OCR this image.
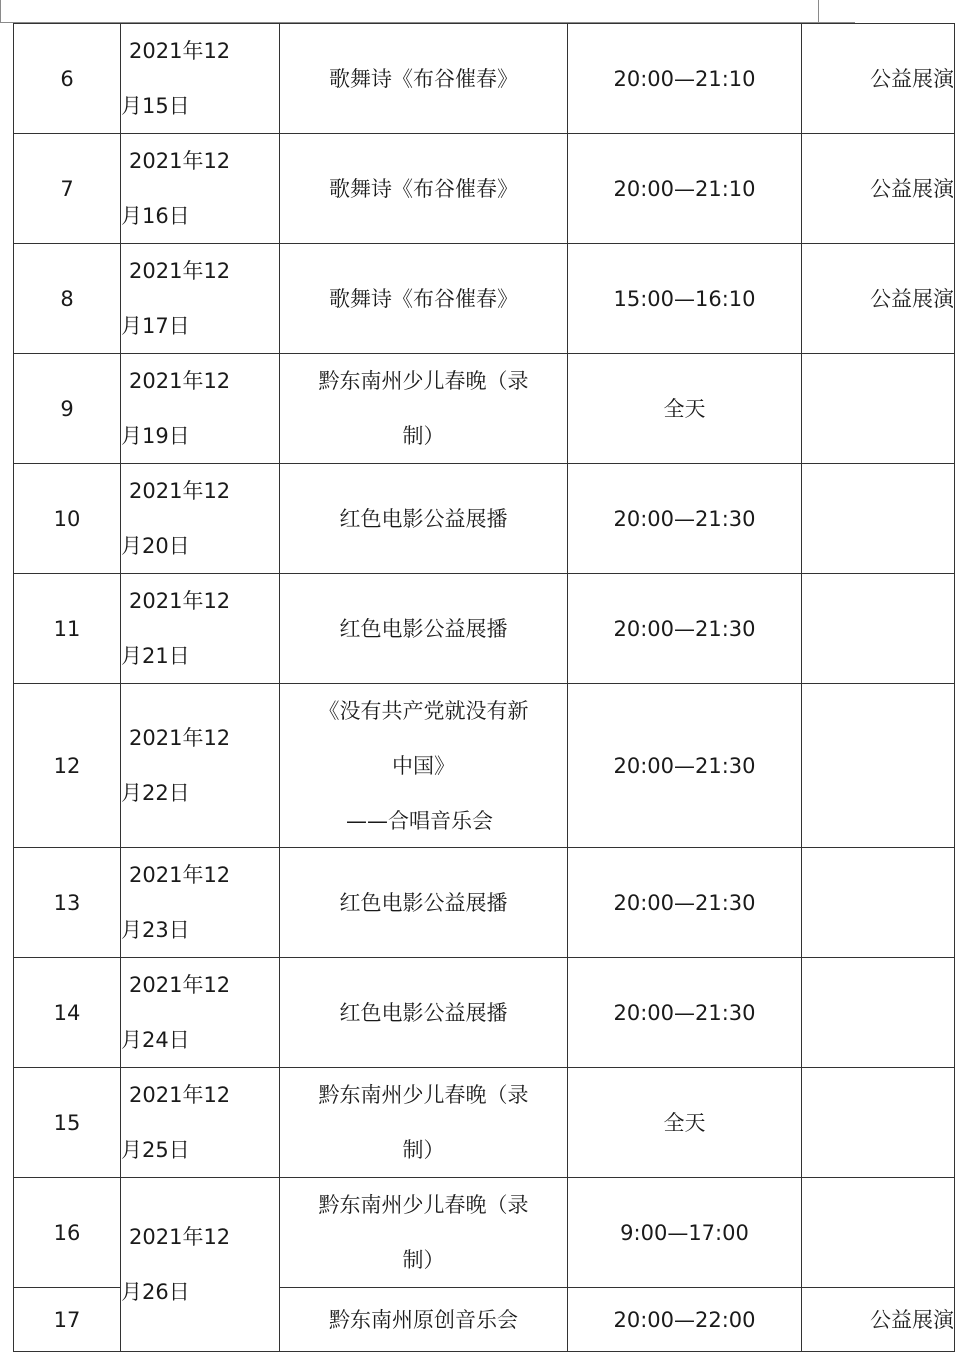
6	2021年12
月15日	歌舞诗《布谷催春》	20:00—21:10	公益展演
7	2021年12
月16日	歌舞诗《布谷催春》	20:00—21:10	公益展演
8	2021年12
月17日	歌舞诗《布谷催春》	15:00—16:10	公益展演
9	2021年12
月19日	黔东南州少儿春晚（录
制）	全天	
10	2021年12
月20日	红色电影公益展播	20:00—21:30	
11	2021年12
月21日	红色电影公益展播	20:00—21:30	
12	2021年12
月22日	《没有共产党就没有新
中国》
——合唱音乐会	20:00—21:30	
13	2021年12
月23日	红色电影公益展播	20:00—21:30	
14	2021年12
月24日	红色电影公益展播	20:00—21:30	
15	2021年12
月25日	黔东南州少儿春晚（录
制）	全天	
16	2021年12
月26日	黔东南州少儿春晚（录
制）	9:00—17:00	
17		黔东南州原创音乐会	20:00—22:00	公益展演
